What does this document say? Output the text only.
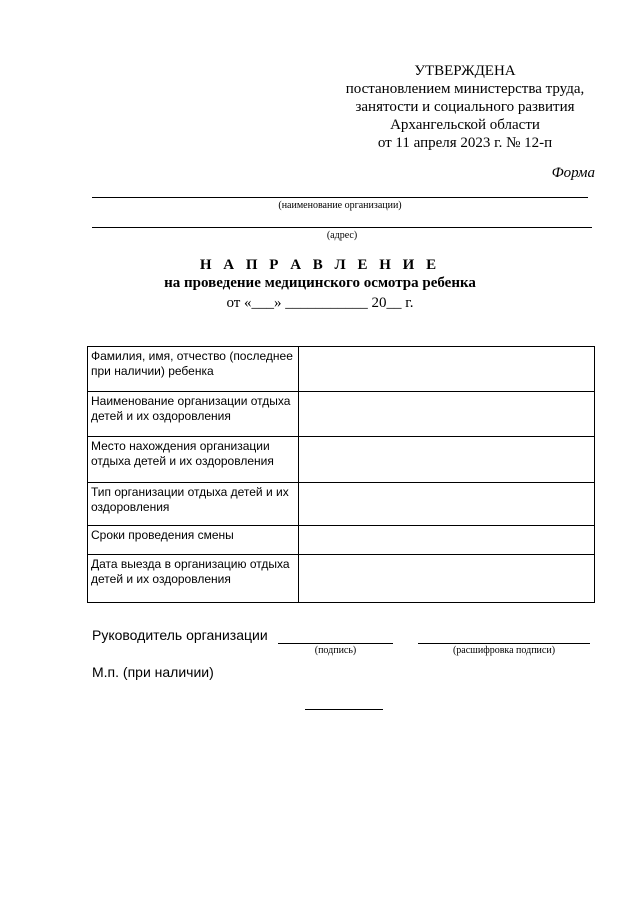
УТВЕРЖДЕНА
постановлением министерства труда,
занятости и социального развития
Архангельской области
от 11 апреля 2023 г. № 12-п
Форма
(наименование организации)
(адрес)
Н А П Р А В Л Е Н И Е
на проведение медицинского осмотра ребенка
от «___» ___________ 20__ г.
Фамилия, имя, отчество (последнее при наличии) ребенка	
Наименование организации отдыха детей и их оздоровления	
Место нахождения организации отдыха детей и их оздоровления	
Тип организации отдыха детей и их оздоровления	
Сроки проведения смены	
Дата выезда в организацию отдыха детей и их оздоровления	
Руководитель организации
(подпись)	(расшифровка подписи)
М.п. (при наличии)
